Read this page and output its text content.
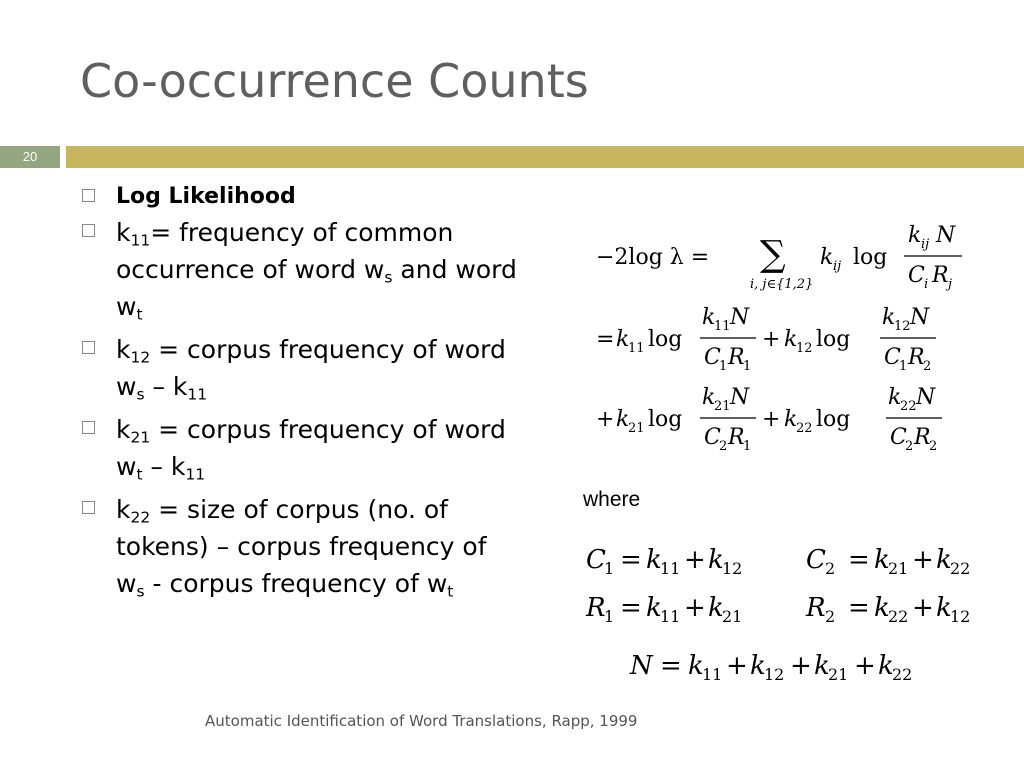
Co-occurrence Counts
20
Log Likelihood
$k_{11}=$ frequency of common occurrence of word $w_s$ and word $w_t$
$k_{12}$ = corpus frequency of word $w_s - k_{11}$
$k_{21}$ = corpus frequency of word $w_t - k_{11}$
$k_{22}$ = size of corpus (no. of tokens) – corpus frequency of $w_s$ - corpus frequency of $w_t$
−2log λ = ∑
i, j∈{1,2}
k ij log
k ij N
C i R j
= k
11 log
k
11 N
C
1 R
1
+ k
12 log
k
12 N
C
1 R
2
+ k
21 log
k
21 N
C
2 R
1
+ k
22 log
k
22 N
C
2 R
2
where
C
1 = k
11 + k
12 C 2 = k
21 + k
22
R
1 = k
11 + k
21 R 2 = k
22 + k
12
N = k
11 + k
12 + k
21 + k
22
Automatic Identification of Word Translations, Rapp, 1999
